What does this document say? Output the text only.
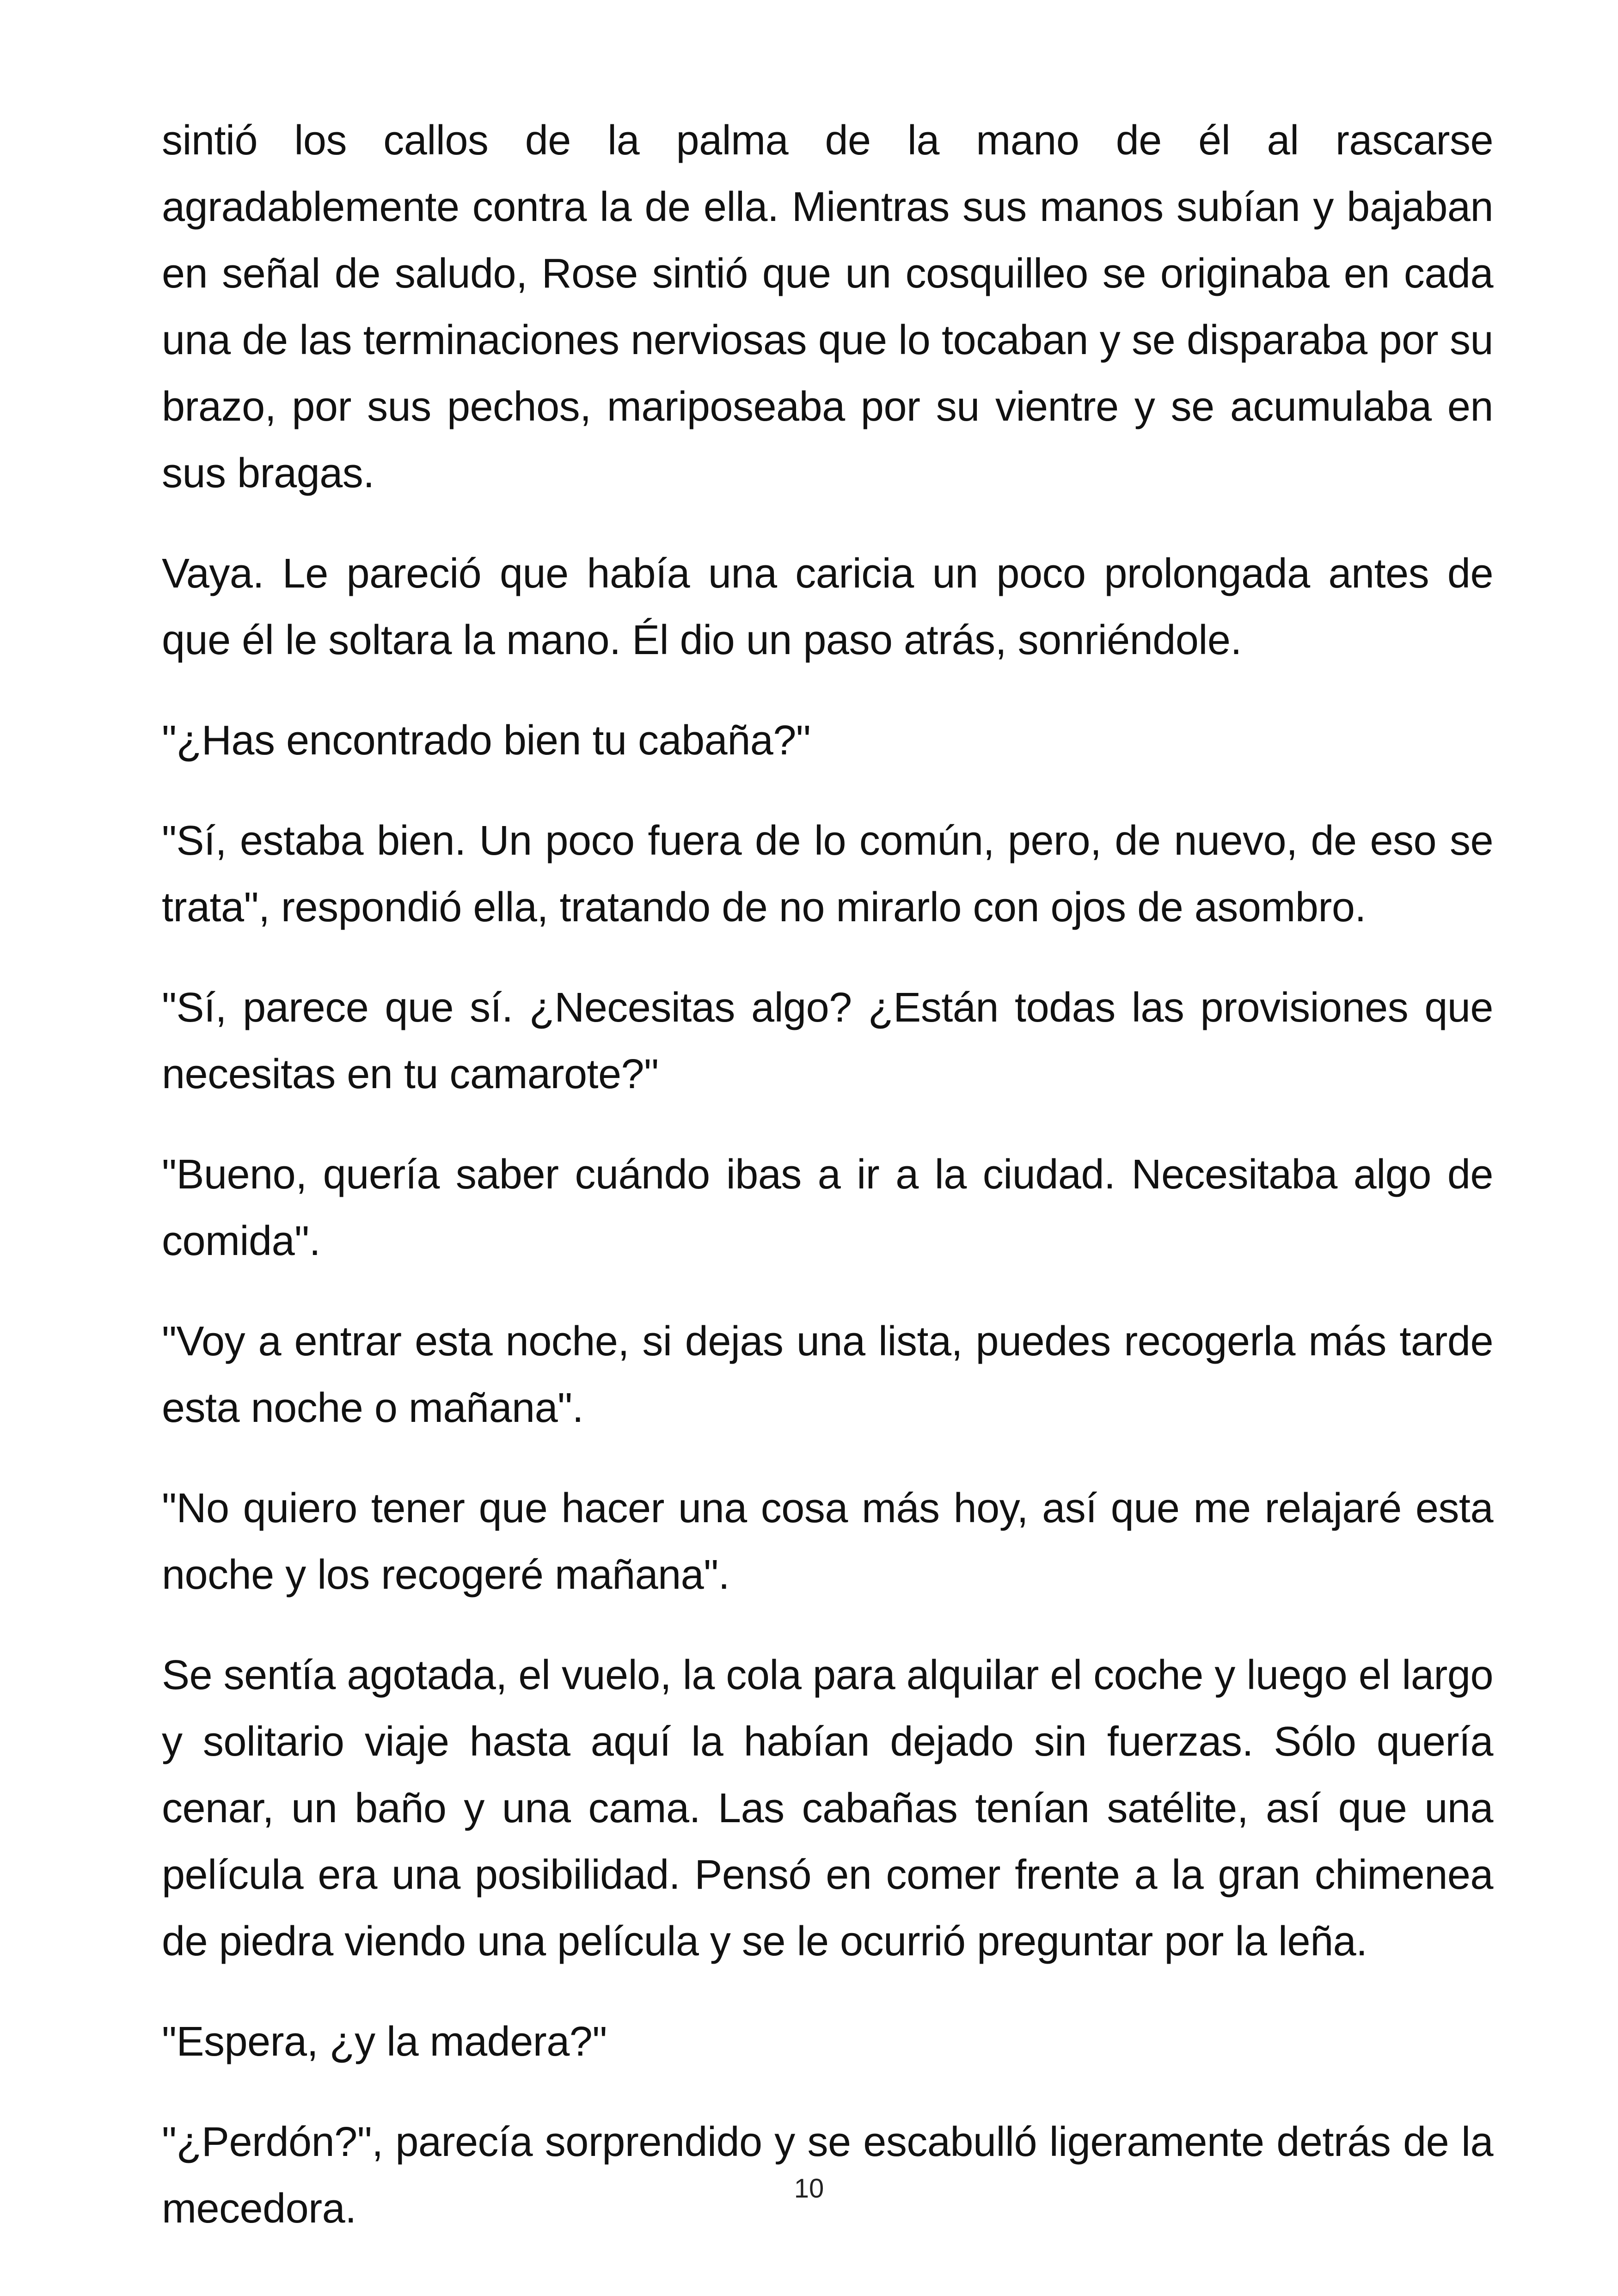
sintió los callos de la palma de la mano de él al rascarse agradablemente contra la de ella. Mientras sus manos subían y bajaban en señal de saludo, Rose sintió que un cosquilleo se originaba en cada una de las terminaciones nerviosas que lo tocaban y se disparaba por su brazo, por sus pechos, mariposeaba por su vientre y se acumulaba en sus bragas.

Vaya. Le pareció que había una caricia un poco prolongada antes de que él le soltara la mano. Él dio un paso atrás, sonriéndole.

"¿Has encontrado bien tu cabaña?"

"Sí, estaba bien. Un poco fuera de lo común, pero, de nuevo, de eso se trata", respondió ella, tratando de no mirarlo con ojos de asombro.

"Sí, parece que sí. ¿Necesitas algo? ¿Están todas las provisiones que necesitas en tu camarote?"

"Bueno, quería saber cuándo ibas a ir a la ciudad. Necesitaba algo de comida".

"Voy a entrar esta noche, si dejas una lista, puedes recogerla más tarde esta noche o mañana".

"No quiero tener que hacer una cosa más hoy, así que me relajaré esta noche y los recogeré mañana".

Se sentía agotada, el vuelo, la cola para alquilar el coche y luego el largo y solitario viaje hasta aquí la habían dejado sin fuerzas. Sólo quería cenar, un baño y una cama. Las cabañas tenían satélite, así que una película era una posibilidad. Pensó en comer frente a la gran chimenea de piedra viendo una película y se le ocurrió preguntar por la leña.

"Espera, ¿y la madera?"

"¿Perdón?", parecía sorprendido y se escabulló ligeramente detrás de la mecedora.	10
